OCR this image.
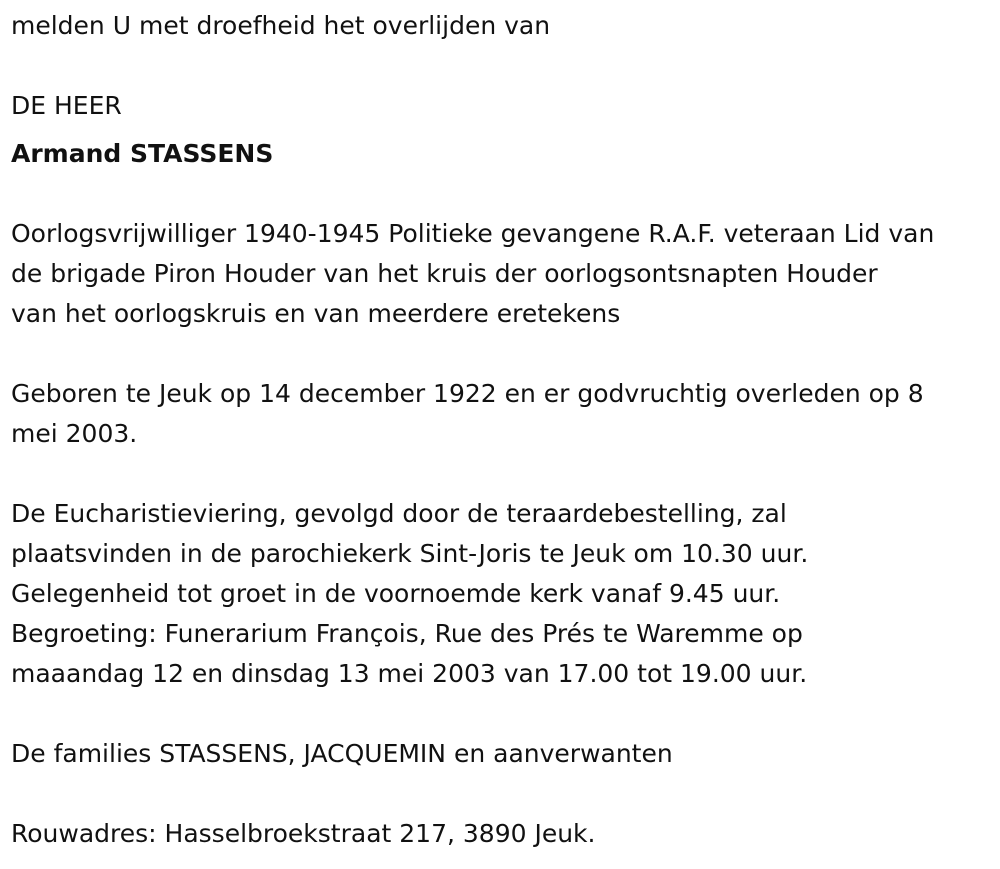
melden U met droefheid het overlijden van
DE HEER
Armand STASSENS
Oorlogsvrijwilliger 1940-1945 Politieke gevangene R.A.F. veteraan Lid van
de brigade Piron Houder van het kruis der oorlogsontsnapten Houder
van het oorlogskruis en van meerdere eretekens
Geboren te Jeuk op 14 december 1922 en er godvruchtig overleden op 8
mei 2003.
De Eucharistieviering, gevolgd door de teraardebestelling, zal
plaatsvinden in de parochiekerk Sint-Joris te Jeuk om 10.30 uur.
Gelegenheid tot groet in de voornoemde kerk vanaf 9.45 uur.
Begroeting: Funerarium François, Rue des Prés te Waremme op
maaandag 12 en dinsdag 13 mei 2003 van 17.00 tot 19.00 uur.
De families STASSENS, JACQUEMIN en aanverwanten
Rouwadres: Hasselbroekstraat 217, 3890 Jeuk.
